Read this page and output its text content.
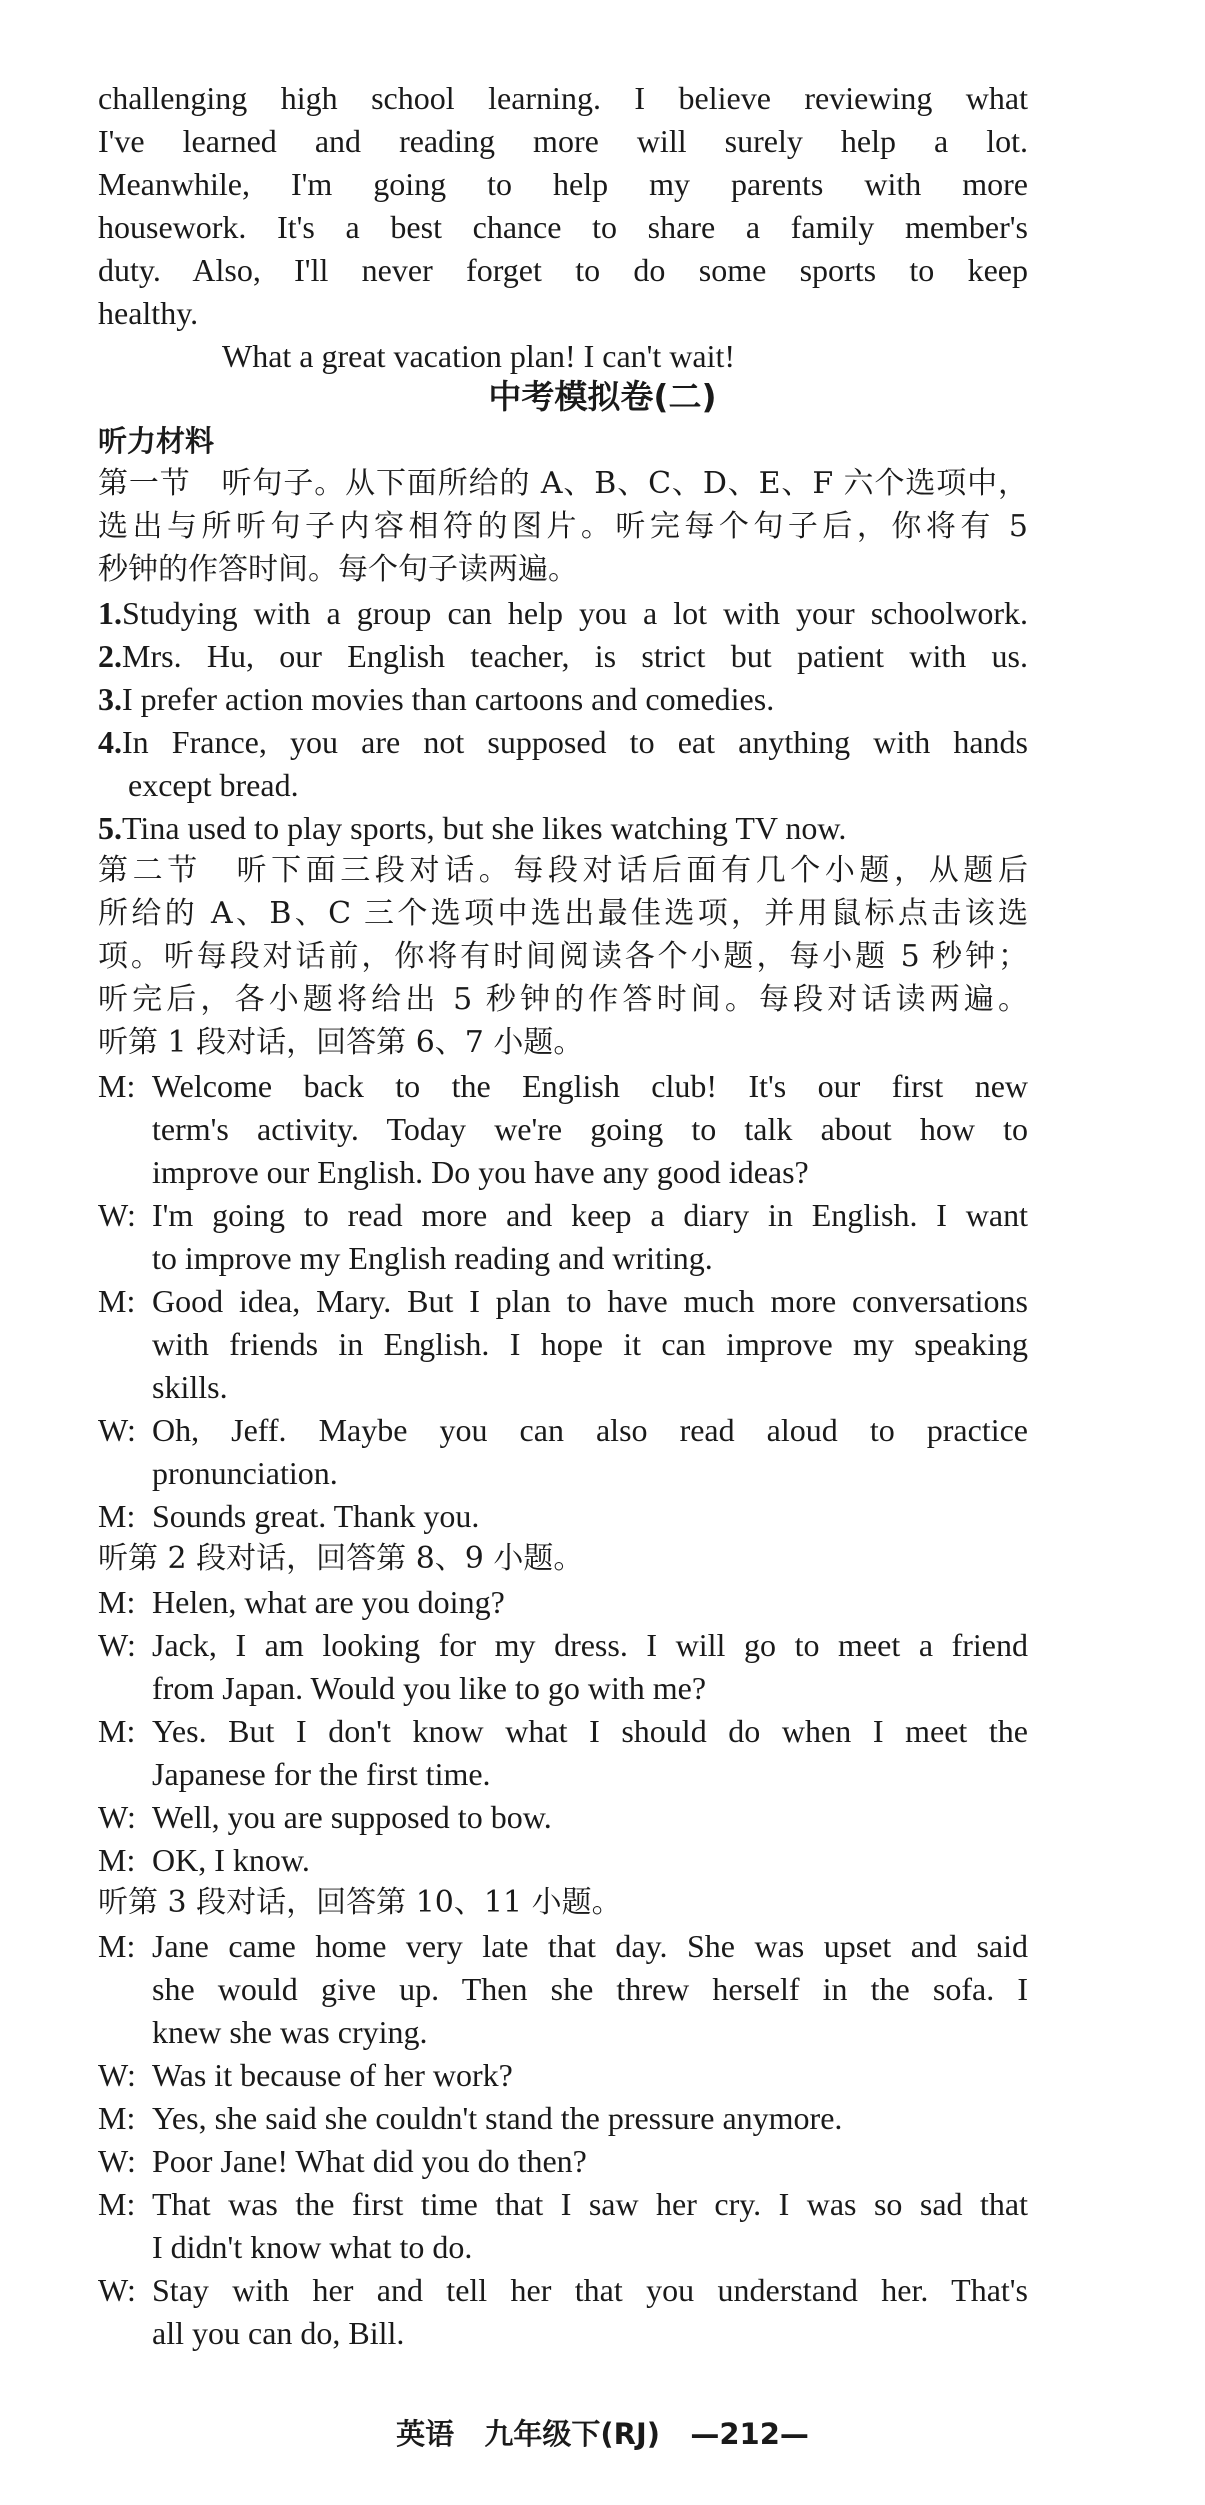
challenging high school learning. I believe reviewing what
I've learned and reading more will surely help a lot.
Meanwhile, I'm going to help my parents with more
housework. It's a best chance to share a family member's
duty. Also, I'll never forget to do some sports to keep
healthy.
What a great vacation plan! I can't wait!
中考模拟卷(二)
听力材料
第一节　听句子。从下面所给的 A、B、C、D、E、F 六个选项中，
选出与所听句子内容相符的图片。听完每个句子后，你将有 5
秒钟的作答时间。每个句子读两遍。
1.Studying with a group can help you a lot with your schoolwork.
2.Mrs. Hu, our English teacher, is strict but patient with us.
3.I prefer action movies than cartoons and comedies.
4.In France, you are not supposed to eat anything with hands
except bread.
5.Tina used to play sports, but she likes watching TV now.
第二节　听下面三段对话。每段对话后面有几个小题，从题后
所给的 A、B、C 三个选项中选出最佳选项，并用鼠标点击该选
项。听每段对话前，你将有时间阅读各个小题，每小题 5 秒钟；
听完后，各小题将给出 5 秒钟的作答时间。每段对话读两遍。
听第 1 段对话，回答第 6、7 小题。
M: Welcome back to the English club! It's our first new
term's activity. Today we're going to talk about how to
improve our English. Do you have any good ideas?
W: I'm going to read more and keep a diary in English. I want
to improve my English reading and writing.
M: Good idea, Mary. But I plan to have much more conversations
with friends in English. I hope it can improve my speaking
skills.
W: Oh, Jeff. Maybe you can also read aloud to practice
pronunciation.
M: Sounds great. Thank you.
听第 2 段对话，回答第 8、9 小题。
M: Helen, what are you doing?
W: Jack, I am looking for my dress. I will go to meet a friend
from Japan. Would you like to go with me?
M: Yes. But I don't know what I should do when I meet the
Japanese for the first time.
W: Well, you are supposed to bow.
M: OK, I know.
听第 3 段对话，回答第 10、11 小题。
M: Jane came home very late that day. She was upset and said
she would give up. Then she threw herself in the sofa. I
knew she was crying.
W: Was it because of her work?
M: Yes, she said she couldn't stand the pressure anymore.
W: Poor Jane! What did you do then?
M: That was the first time that I saw her cry. I was so sad that
I didn't know what to do.
W: Stay with her and tell her that you understand her. That's
all you can do, Bill.
英语 九年级下(RJ) —212—
